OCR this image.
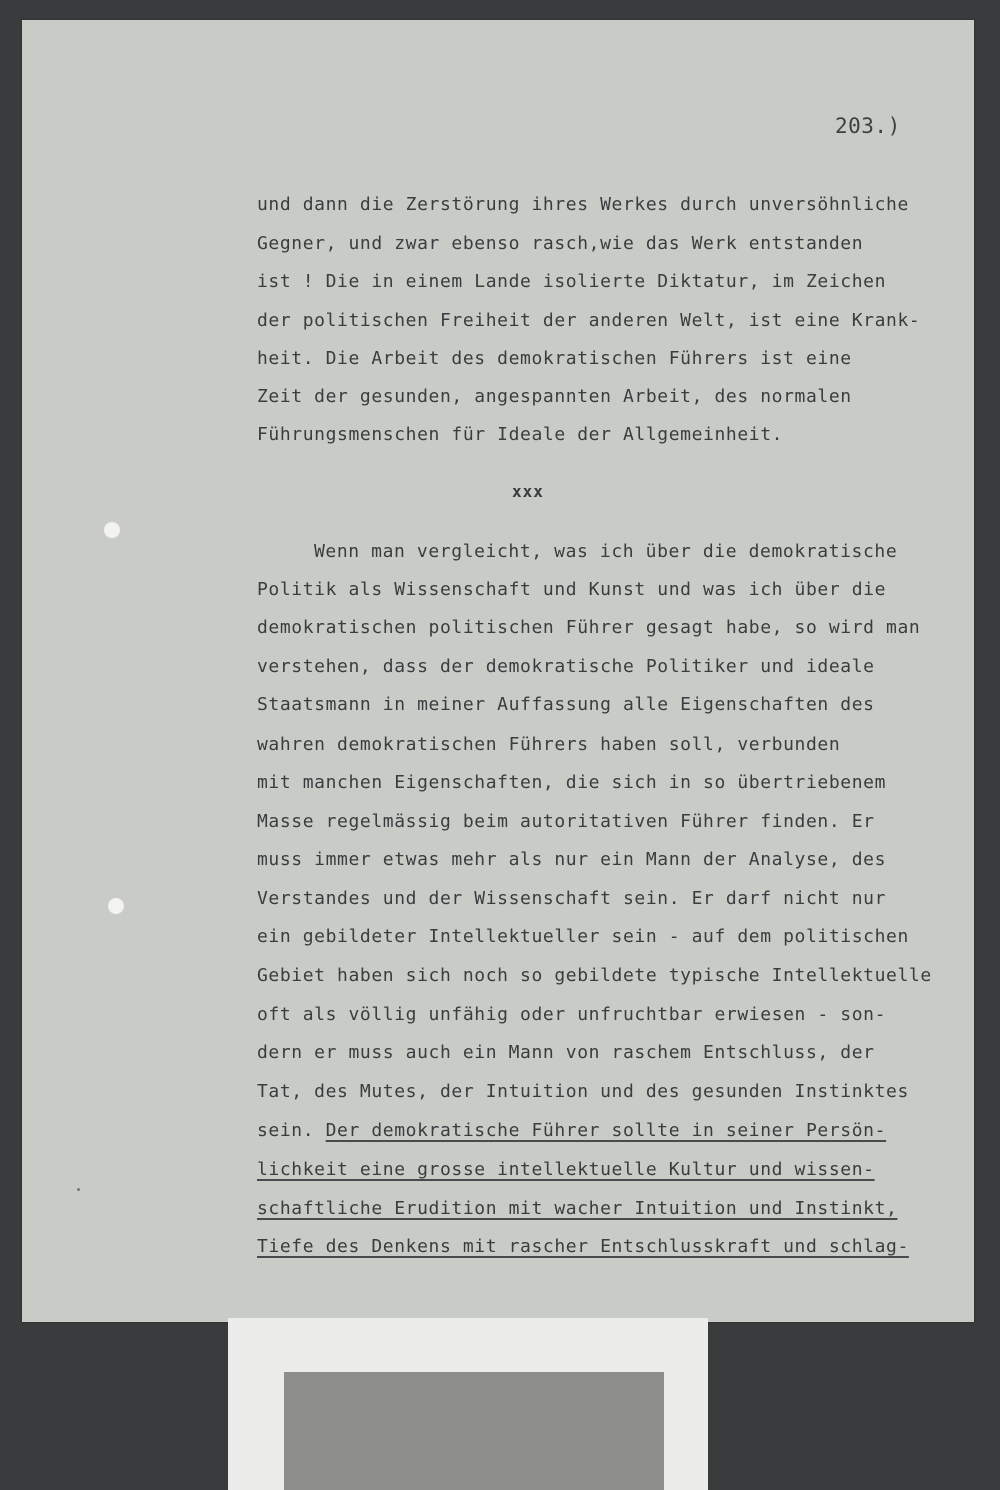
203.)
und dann die Zerstörung ihres Werkes durch unversöhnliche
Gegner, und zwar ebenso rasch,wie das Werk entstanden
ist ! Die in einem Lande isolierte Diktatur, im Zeichen
der politischen Freiheit der anderen Welt, ist eine Krank-
heit. Die Arbeit des demokratischen Führers ist eine
Zeit der gesunden, angespannten Arbeit, des normalen
Führungsmenschen für Ideale der Allgemeinheit.
xxx
Wenn man vergleicht, was ich über die demokratische
Politik als Wissenschaft und Kunst und was ich über die
demokratischen politischen Führer gesagt habe, so wird man
verstehen, dass der demokratische Politiker und ideale
Staatsmann in meiner Auffassung alle Eigenschaften des
wahren demokratischen Führers haben soll, verbunden
mit manchen Eigenschaften, die sich in so übertriebenem
Masse regelmässig beim autoritativen Führer finden. Er
muss immer etwas mehr als nur ein Mann der Analyse, des
Verstandes und der Wissenschaft sein. Er darf nicht nur
ein gebildeter Intellektueller sein - auf dem politischen
Gebiet haben sich noch so gebildete typische Intellektuelle
oft als völlig unfähig oder unfruchtbar erwiesen - son-
dern er muss auch ein Mann von raschem Entschluss, der
Tat, des Mutes, der Intuition und des gesunden Instinktes
sein. Der demokratische Führer sollte in seiner Persön-
lichkeit eine grosse intellektuelle Kultur und wissen-
schaftliche Erudition mit wacher Intuition und Instinkt,
Tiefe des Denkens mit rascher Entschlusskraft und schlag-
